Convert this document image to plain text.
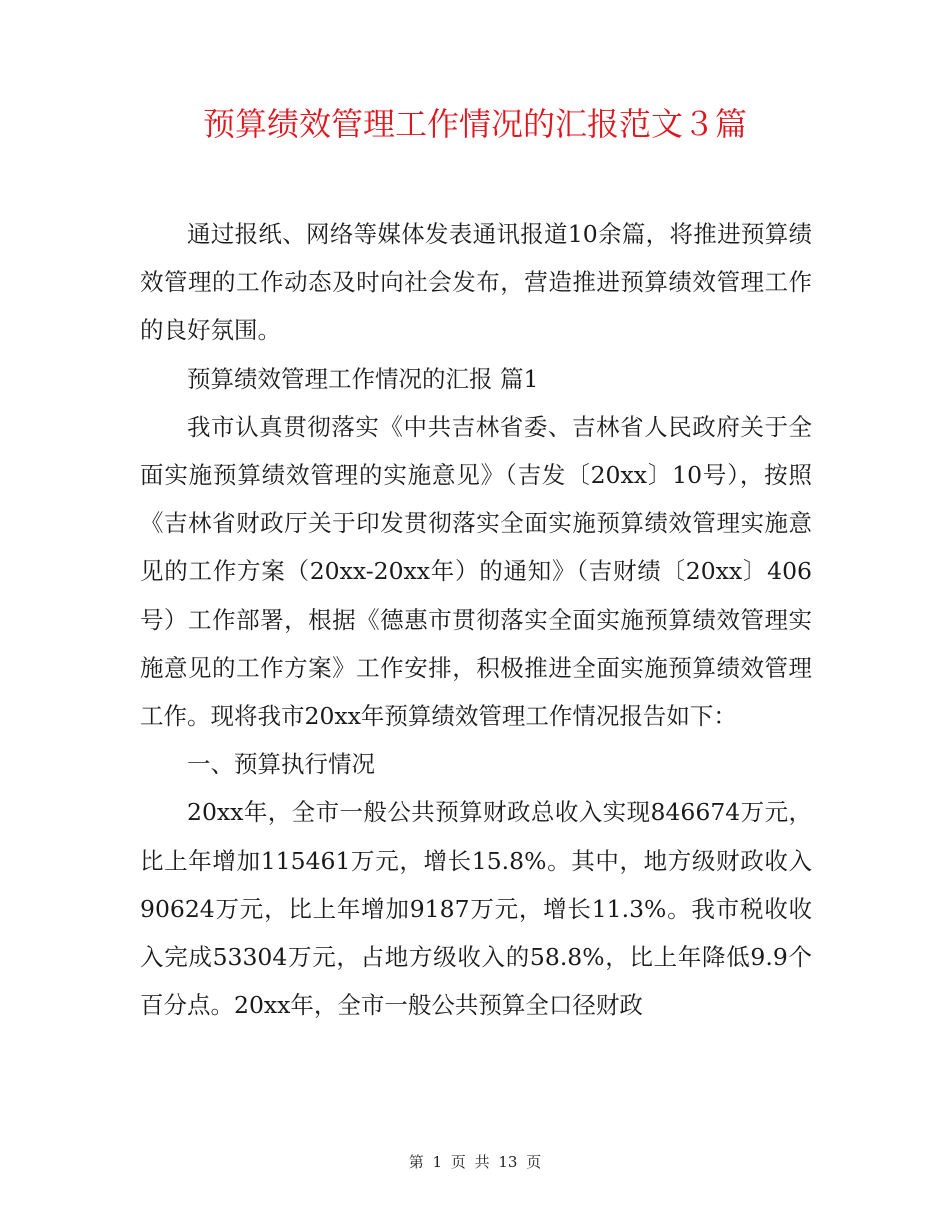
预算绩效管理工作情况的汇报范文３篇

通过报纸、网络等媒体发表通讯报道10余篇，将推进预算绩效管理的工作动态及时向社会发布，营造推进预算绩效管理工作的良好氛围。

预算绩效管理工作情况的汇报 篇1

我市认真贯彻落实《中共吉林省委、吉林省人民政府关于全面实施预算绩效管理的实施意见》（吉发〔20xx〕10号），按照《吉林省财政厅关于印发贯彻落实全面实施预算绩效管理实施意见的工作方案（20xx-20xx年）的通知》（吉财绩〔20xx〕406号）工作部署，根据《德惠市贯彻落实全面实施预算绩效管理实施意见的工作方案》工作安排，积极推进全面实施预算绩效管理工作。现将我市20xx年预算绩效管理工作情况报告如下：

一、预算执行情况

20xx年，全市一般公共预算财政总收入实现846674万元，比上年增加115461万元，增长15.8%。其中，地方级财政收入90624万元，比上年增加9187万元，增长11.3%。我市税收收入完成53304万元，占地方级收入的58.8%，比上年降低9.9个百分点。20xx年，全市一般公共预算全口径财政

第 1 页 共 13 页
